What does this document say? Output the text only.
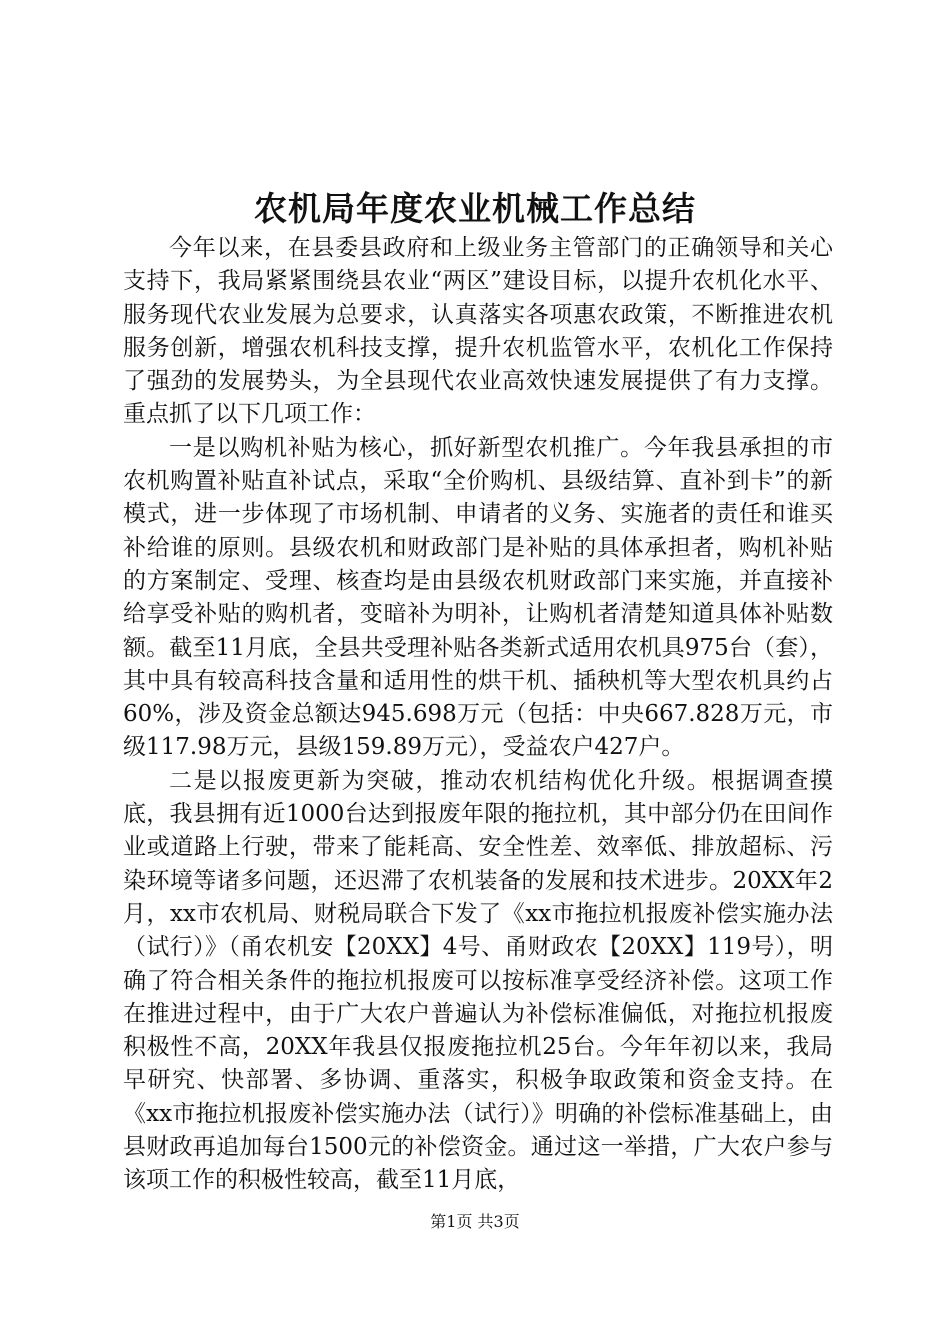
农机局年度农业机械工作总结

今年以来，在县委县政府和上级业务主管部门的正确领导和关心支持下，我局紧紧围绕县农业“两区”建设目标，以提升农机化水平、服务现代农业发展为总要求，认真落实各项惠农政策，不断推进农机服务创新，增强农机科技支撑，提升农机监管水平，农机化工作保持了强劲的发展势头，为全县现代农业高效快速发展提供了有力支撑。重点抓了以下几项工作：

一是以购机补贴为核心，抓好新型农机推广。今年我县承担的市农机购置补贴直补试点，采取“全价购机、县级结算、直补到卡”的新模式，进一步体现了市场机制、申请者的义务、实施者的责任和谁买补给谁的原则。县级农机和财政部门是补贴的具体承担者，购机补贴的方案制定、受理、核查均是由县级农机财政部门来实施，并直接补给享受补贴的购机者，变暗补为明补，让购机者清楚知道具体补贴数额。截至11月底，全县共受理补贴各类新式适用农机具975台（套），其中具有较高科技含量和适用性的烘干机、插秧机等大型农机具约占60%，涉及资金总额达945.698万元（包括：中央667.828万元，市级117.98万元，县级159.89万元），受益农户427户。

二是以报废更新为突破，推动农机结构优化升级。根据调查摸底，我县拥有近1000台达到报废年限的拖拉机，其中部分仍在田间作业或道路上行驶，带来了能耗高、安全性差、效率低、排放超标、污染环境等诸多问题，还迟滞了农机装备的发展和技术进步。20XX年2月，xx市农机局、财税局联合下发了《xx市拖拉机报废补偿实施办法（试行）》（甬农机安【20XX】4号、甬财政农【20XX】119号），明确了符合相关条件的拖拉机报废可以按标准享受经济补偿。这项工作在推进过程中，由于广大农户普遍认为补偿标准偏低，对拖拉机报废积极性不高，20XX年我县仅报废拖拉机25台。今年年初以来，我局早研究、快部署、多协调、重落实，积极争取政策和资金支持。在《xx市拖拉机报废补偿实施办法（试行）》明确的补偿标准基础上，由县财政再追加每台1500元的补偿资金。通过这一举措，广大农户参与该项工作的积极性较高，截至11月底，

第1页 共3页
